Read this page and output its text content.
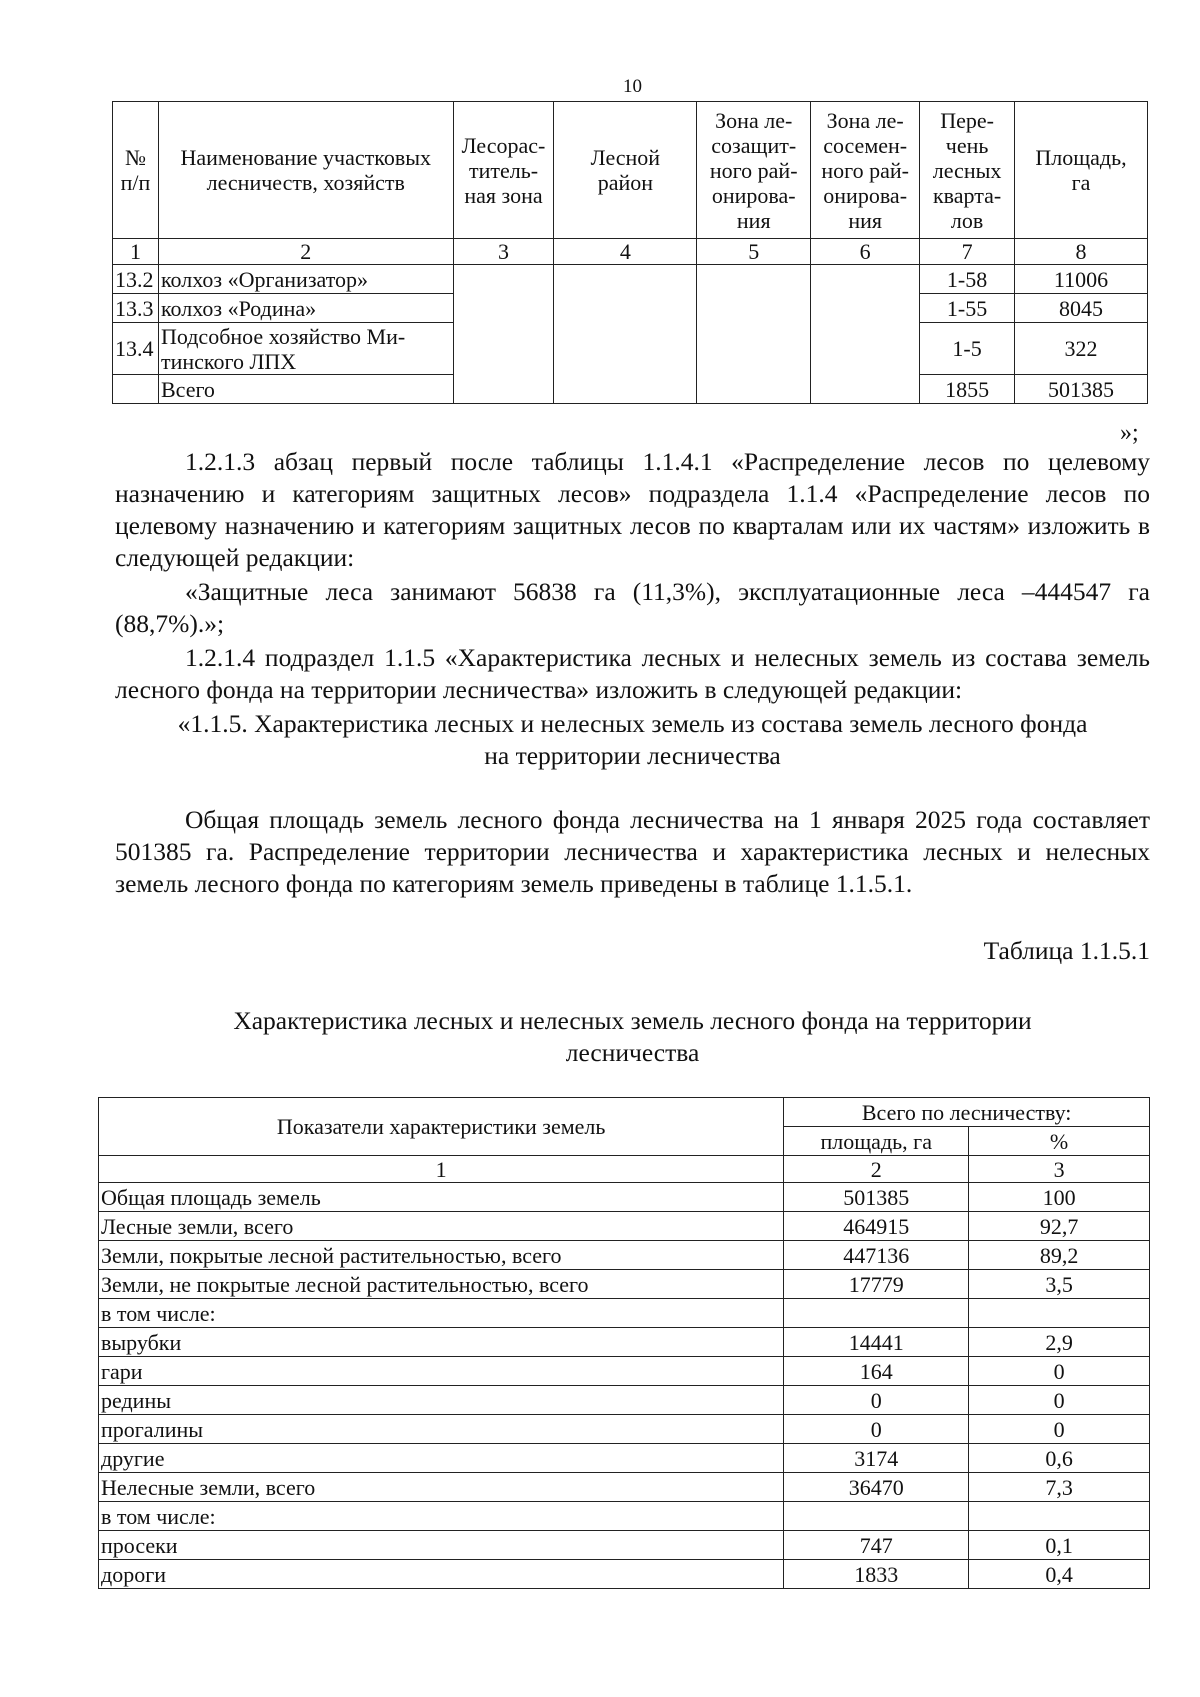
10
№
п/п	Наименование участковых
лесничеств, хозяйств	Лесорас-
титель-
ная зона	Лесной
район	Зона ле-
созащит-
ного рай-
онирова-
ния	Зона ле-
сосемен-
ного рай-
онирова-
ния	Пере-
чень
лесных
кварта-
лов	Площадь,
га
1	2	3	4	5	6	7	8
13.2	колхоз «Организатор»					1-58	11006
13.3	колхоз «Родина»					1-55	8045
13.4	Подсобное хозяйство Ми-
тинского ЛПХ					1-5	322
	Всего					1855	501385
»;
1.2.1.3 абзац первый после таблицы 1.1.4.1 «Распределение лесов по целевому назначению и категориям защитных лесов» подраздела 1.1.4 «Распределение лесов по целевому назначению и категориям защитных лесов по кварталам или их частям» изложить в следующей редакции:
«Защитные леса занимают 56838 га (11,3%), эксплуатационные леса –444547 га (88,7%).»;
1.2.1.4 подраздел 1.1.5 «Характеристика лесных и нелесных земель из состава земель лесного фонда на территории лесничества» изложить в следующей редакции:
«1.1.5. Характеристика лесных и нелесных земель из состава земель лесного фонда
на территории лесничества
Общая площадь земель лесного фонда лесничества на 1 января 2025 года составляет 501385 га. Распределение территории лесничества и характеристика лесных и нелесных земель лесного фонда по категориям земель приведены в таблице 1.1.5.1.
Таблица 1.1.5.1
Характеристика лесных и нелесных земель лесного фонда на территории
лесничества
Показатели характеристики земель	Всего по лесничеству:	
	площадь, га	%
1	2	3
Общая площадь земель	501385	100
Лесные земли, всего	464915	92,7
Земли, покрытые лесной растительностью, всего	447136	89,2
Земли, не покрытые лесной растительностью, всего	17779	3,5
в том числе:		
вырубки	14441	2,9
гари	164	0
редины	0	0
прогалины	0	0
другие	3174	0,6
Нелесные земли, всего	36470	7,3
в том числе:		
просеки	747	0,1
дороги	1833	0,4
